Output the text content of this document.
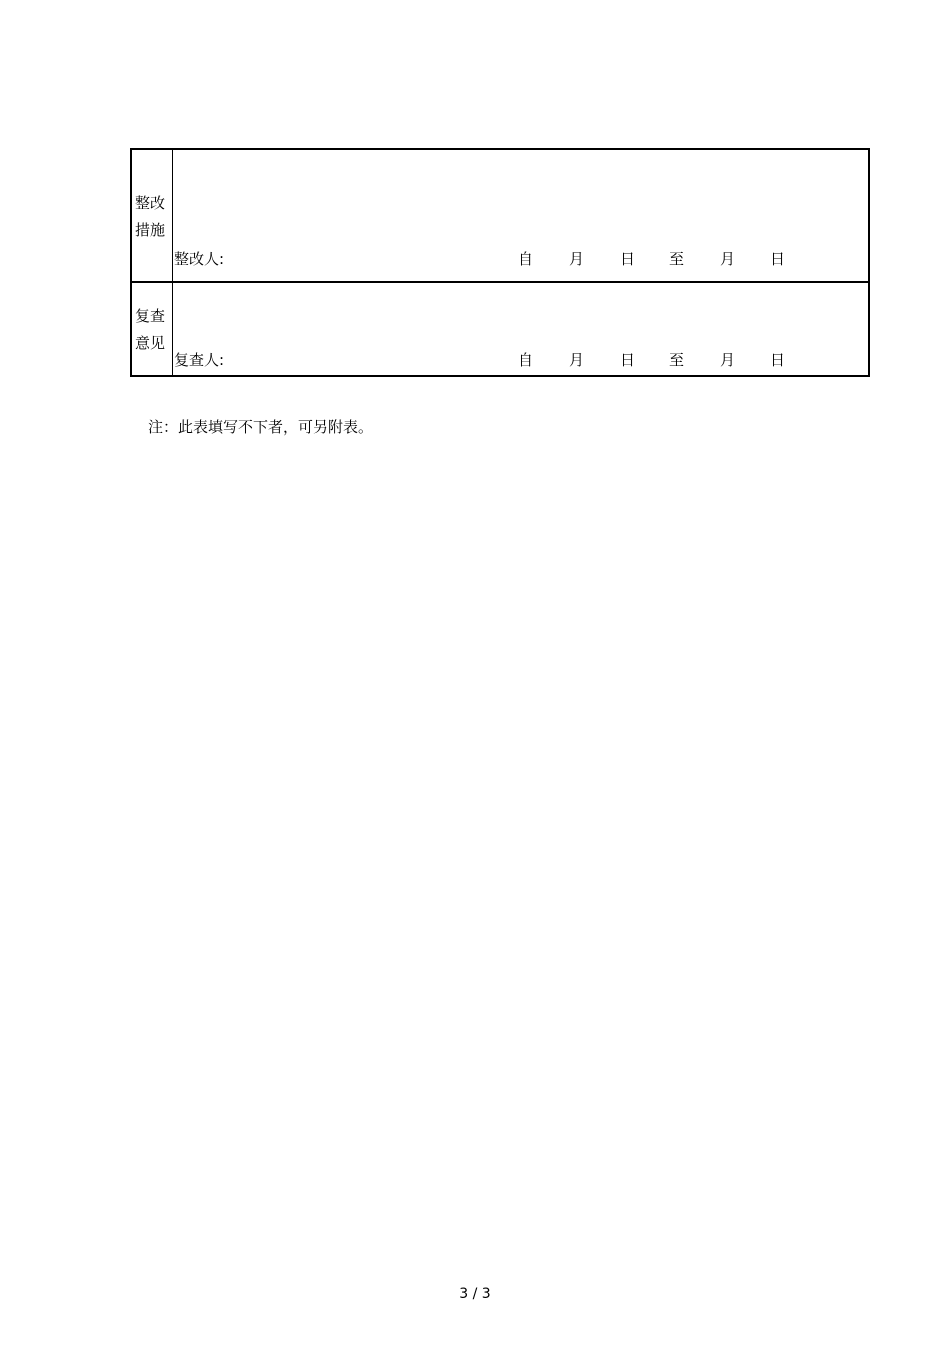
整改
措施
整改人:	自 月 日 至 月 日
复查
意见
复查人:	自 月 日 至 月 日
注：此表填写不下者，可另附表。
3 / 3
